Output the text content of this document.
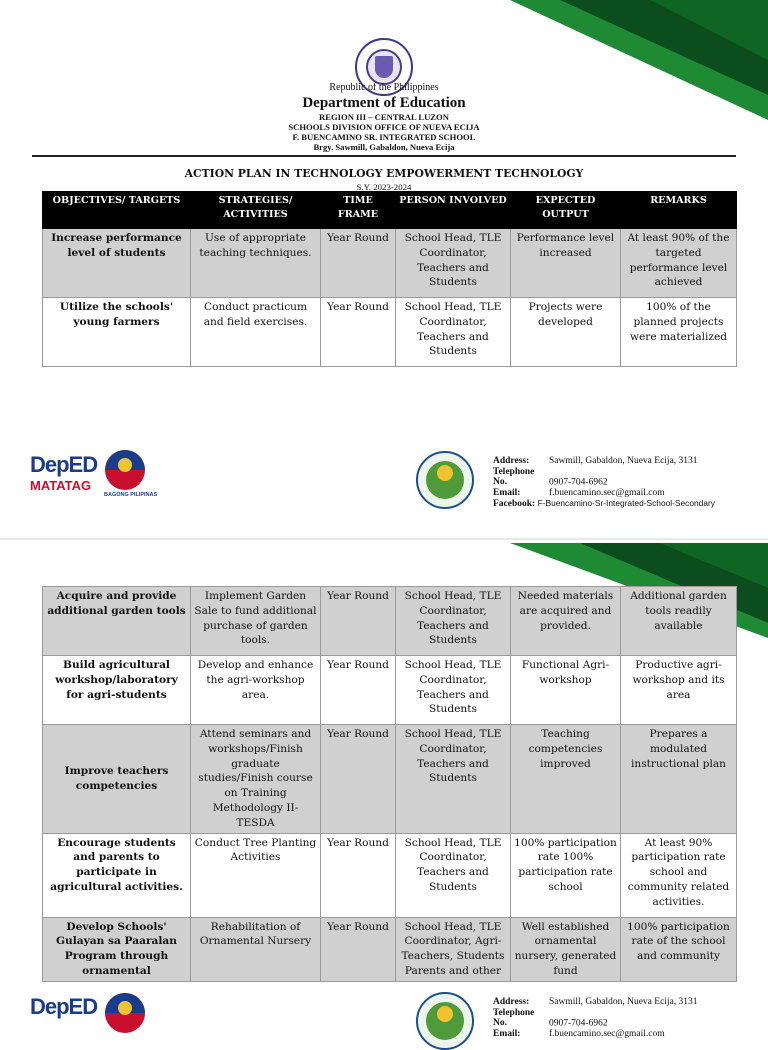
Republic of the Philippines
Department of Education
REGION III – CENTRAL LUZON
SCHOOLS DIVISION OFFICE OF NUEVA ECIJA
F. BUENCAMINO SR. INTEGRATED SCHOOL
Brgy. Sawmill, Gabaldon, Nueva Ecija
ACTION PLAN IN TECHNOLOGY EMPOWERMENT TECHNOLOGY
S.Y. 2023-2024
OBJECTIVES/ TARGETS	STRATEGIES/ ACTIVITIES	TIME FRAME	PERSON INVOLVED	EXPECTED OUTPUT	REMARKS
Increase performance level of students	Use of appropriate teaching techniques.	Year Round	School Head, TLE Coordinator, Teachers and Students	Performance level increased	At least 90% of the targeted performance level achieved
Utilize the schools' young farmers	Conduct practicum and field exercises.	Year Round	School Head, TLE Coordinator, Teachers and Students	Projects were developed	100% of the planned projects were materialized
DepED
MATATAG
BAGONG PILIPINAS
Address: Sawmill, Gabaldon, Nueva Ecija, 3131
Telephone No.	0907-704-6962
Email:	f.buencamino.sec@gmail.com
Facebook: F-Buencamino-Sr-Integrated-School-Secondary
Acquire and provide additional garden tools	Implement Garden Sale to fund additional purchase of garden tools.	Year Round	School Head, TLE Coordinator, Teachers and Students	Needed materials are acquired and provided.	Additional garden tools readily available
Build agricultural workshop/laboratory for agri-students	Develop and enhance the agri-workshop area.	Year Round	School Head, TLE Coordinator, Teachers and Students	Functional Agri-workshop	Productive agri-workshop and its area
Improve teachers competencies	Attend seminars and workshops/Finish graduate studies/Finish course on Training Methodology II-TESDA	Year Round	School Head, TLE Coordinator, Teachers and Students	Teaching competencies improved	Prepares a modulated instructional plan
Encourage students and parents to participate in agricultural activities.	Conduct Tree Planting Activities	Year Round	School Head, TLE Coordinator, Teachers and Students	100% participation rate 100% participation rate school	At least 90% participation rate school and community related activities.
Develop Schools' Gulayan sa Paaralan Program through ornamental	Rehabilitation of Ornamental Nursery	Year Round	School Head, TLE Coordinator, Agri-Teachers, Students Parents and other	Well established ornamental nursery, generated fund	100% participation rate of the school and community
DepED	Address: Sawmill, Gabaldon, Nueva Ecija, 3131
Telephone No.	0907-704-6962
Email:	f.buencamino.sec@gmail.com
